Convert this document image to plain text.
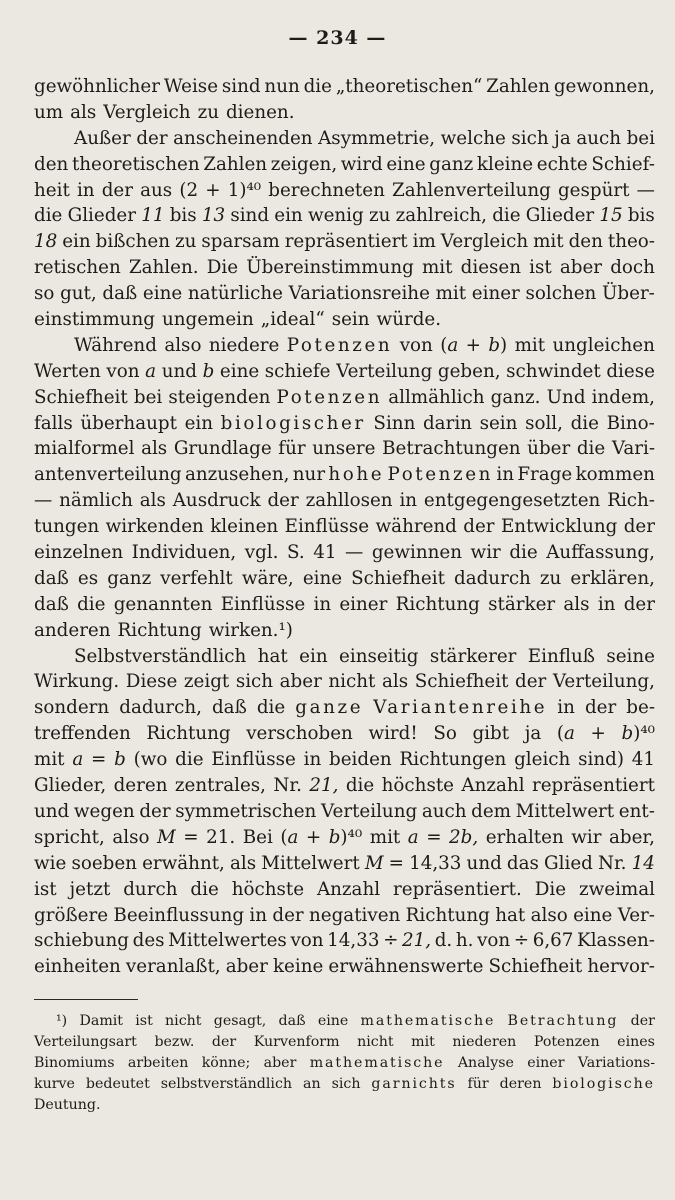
— 234 —
gewöhnlicher Weise sind nun die „theoretischen“ Zahlen gewonnen,
um als Vergleich zu dienen.
Außer der anscheinenden Asymmetrie, welche sich ja auch bei
den theoretischen Zahlen zeigen, wird eine ganz kleine echte Schief-
heit in der aus (2 + 1)⁴⁰ berechneten Zahlenverteilung gespürt —
die Glieder 11 bis 13 sind ein wenig zu zahlreich, die Glieder 15 bis
18 ein bißchen zu sparsam repräsentiert im Vergleich mit den theo-
retischen Zahlen. Die Übereinstimmung mit diesen ist aber doch
so gut, daß eine natürliche Variationsreihe mit einer solchen Über-
einstimmung ungemein „ideal“ sein würde.
Während also niedere Potenzen von (a + b) mit ungleichen
Werten von a und b eine schiefe Verteilung geben, schwindet diese
Schiefheit bei steigenden Potenzen allmählich ganz. Und indem,
falls überhaupt ein biologischer Sinn darin sein soll, die Bino-
mialformel als Grundlage für unsere Betrachtungen über die Vari-
antenverteilung anzusehen, nur hohe Potenzen in Frage kommen
— nämlich als Ausdruck der zahllosen in entgegengesetzten Rich-
tungen wirkenden kleinen Einflüsse während der Entwicklung der
einzelnen Individuen, vgl. S. 41 — gewinnen wir die Auffassung,
daß es ganz verfehlt wäre, eine Schiefheit dadurch zu erklären,
daß die genannten Einflüsse in einer Richtung stärker als in der
anderen Richtung wirken.¹)
Selbstverständlich hat ein einseitig stärkerer Einfluß seine
Wirkung. Diese zeigt sich aber nicht als Schiefheit der Verteilung,
sondern dadurch, daß die ganze Variantenreihe in der be-
treffenden Richtung verschoben wird! So gibt ja (a + b)⁴⁰
mit a = b (wo die Einflüsse in beiden Richtungen gleich sind) 41
Glieder, deren zentrales, Nr. 21, die höchste Anzahl repräsentiert
und wegen der symmetrischen Verteilung auch dem Mittelwert ent-
spricht, also M = 21. Bei (a + b)⁴⁰ mit a = 2b, erhalten wir aber,
wie soeben erwähnt, als Mittelwert M = 14,33 und das Glied Nr. 14
ist jetzt durch die höchste Anzahl repräsentiert. Die zweimal
größere Beeinflussung in der negativen Richtung hat also eine Ver-
schiebung des Mittelwertes von 14,33 ÷ 21, d. h. von ÷ 6,67 Klassen-
einheiten veranlaßt, aber keine erwähnenswerte Schiefheit hervor-
¹) Damit ist nicht gesagt, daß eine mathematische Betrachtung der
Verteilungsart bezw. der Kurvenform nicht mit niederen Potenzen eines
Binomiums arbeiten könne; aber mathematische Analyse einer Variations-
kurve bedeutet selbstverständlich an sich garnichts für deren biologische
Deutung.
